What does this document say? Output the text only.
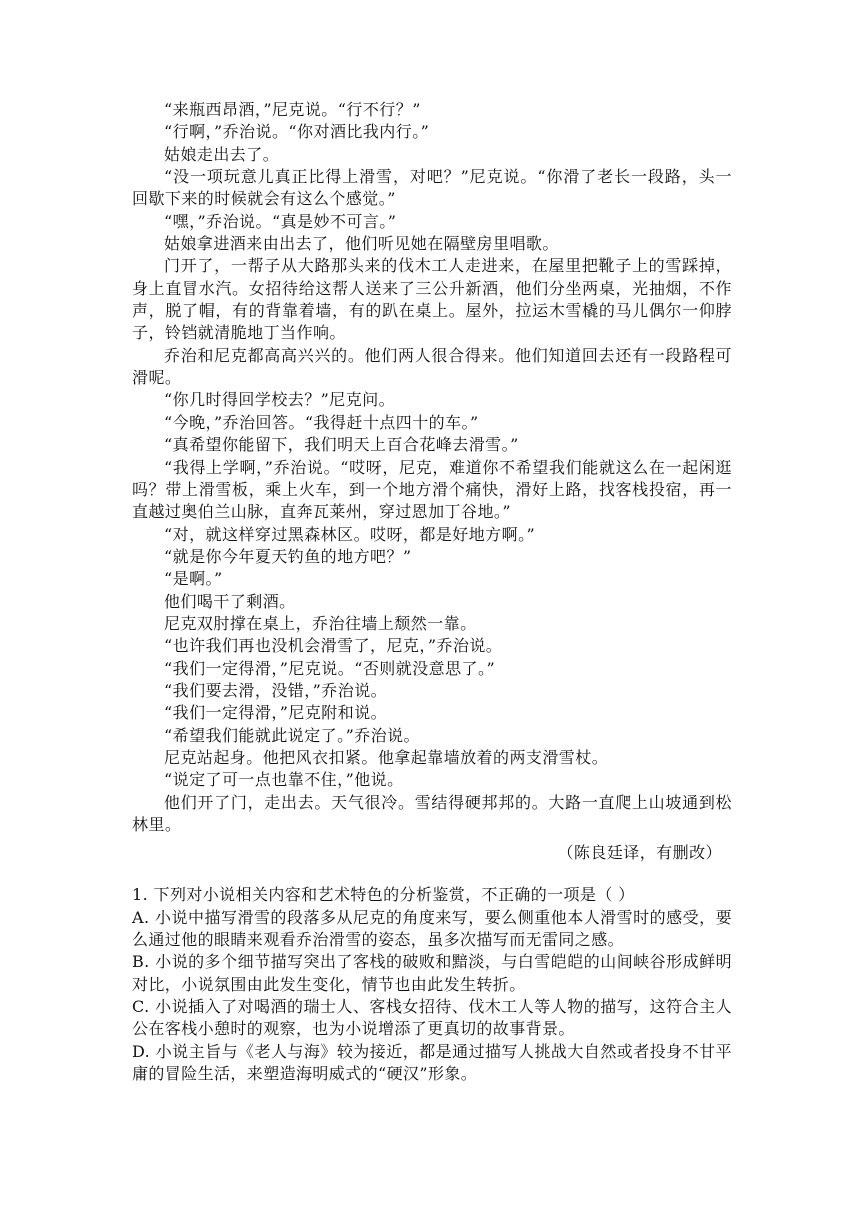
“来瓶西昂酒，”尼克说。“行不行？”

“行啊，”乔治说。“你对酒比我内行。”

姑娘走出去了。

“没一项玩意儿真正比得上滑雪，对吧？”尼克说。“你滑了老长一段路，头一回歇下来的时候就会有这么个感觉。”

“嘿，”乔治说。“真是妙不可言。”

姑娘拿进酒来由出去了，他们听见她在隔壁房里唱歌。

门开了，一帮子从大路那头来的伐木工人走进来，在屋里把靴子上的雪踩掉，身上直冒水汽。女招待给这帮人送来了三公升新酒，他们分坐两桌，光抽烟，不作声，脱了帽，有的背靠着墙，有的趴在桌上。屋外，拉运木雪橇的马儿偶尔一仰脖子，铃铛就清脆地丁当作响。

乔治和尼克都高高兴兴的。他们两人很合得来。他们知道回去还有一段路程可滑呢。

“你几时得回学校去？”尼克问。

“今晚，”乔治回答。“我得赶十点四十的车。”

“真希望你能留下，我们明天上百合花峰去滑雪。”

“我得上学啊，”乔治说。“哎呀，尼克，难道你不希望我们能就这么在一起闲逛吗？带上滑雪板，乘上火车，到一个地方滑个痛快，滑好上路，找客栈投宿，再一直越过奥伯兰山脉，直奔瓦莱州，穿过恩加丁谷地。”

“对，就这样穿过黑森林区。哎呀，都是好地方啊。”

“就是你今年夏天钓鱼的地方吧？”

“是啊。”

他们喝干了剩酒。

尼克双肘撑在桌上，乔治往墙上颓然一靠。

“也许我们再也没机会滑雪了，尼克，”乔治说。

“我们一定得滑，”尼克说。“否则就没意思了。”

“我们要去滑，没错，”乔治说。

“我们一定得滑，”尼克附和说。

“希望我们能就此说定了。”乔治说。

尼克站起身。他把风衣扣紧。他拿起靠墙放着的两支滑雪杖。

“说定了可一点也靠不住，”他说。

他们开了门，走出去。天气很冷。雪结得硬邦邦的。大路一直爬上山坡通到松林里。

（陈良廷译，有删改）

1. 下列对小说相关内容和艺术特色的分析鉴赏，不正确的一项是（ ）

A. 小说中描写滑雪的段落多从尼克的角度来写，要么侧重他本人滑雪时的感受，要么通过他的眼睛来观看乔治滑雪的姿态，虽多次描写而无雷同之感。

B. 小说的多个细节描写突出了客栈的破败和黯淡，与白雪皑皑的山间峡谷形成鲜明对比，小说氛围由此发生变化，情节也由此发生转折。

C. 小说插入了对喝酒的瑞士人、客栈女招待、伐木工人等人物的描写，这符合主人公在客栈小憩时的观察，也为小说增添了更真切的故事背景。

D. 小说主旨与《老人与海》较为接近，都是通过描写人挑战大自然或者投身不甘平庸的冒险生活，来塑造海明威式的“硬汉”形象。
